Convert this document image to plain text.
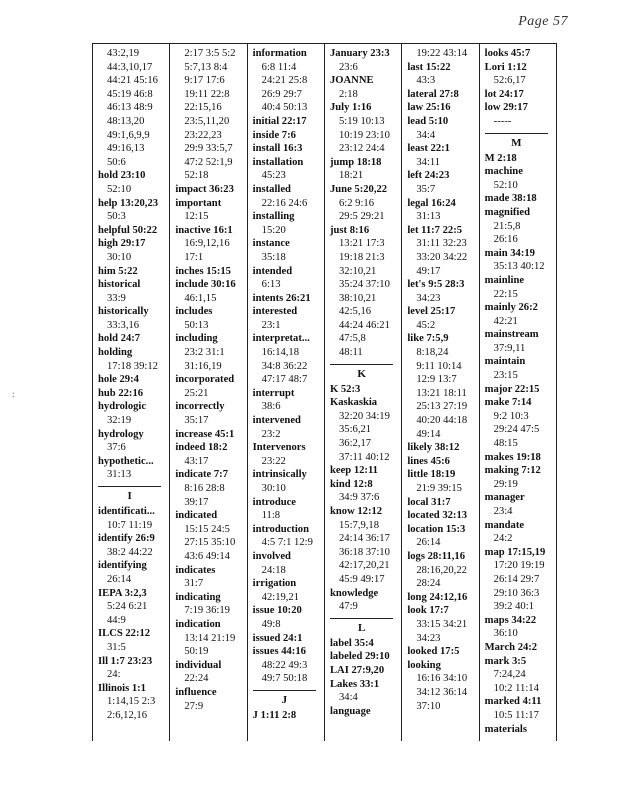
Page 57
:
43:2,19
44:3,10,17
44:21 45:16
45:19 46:8
46:13 48:9
48:13,20
49:1,6,9,9
49:16,13
50:6
hold 23:10
52:10
help 13:20,23
50:3
helpful 50:22
high 29:17
30:10
him 5:22
historical
33:9
historically
33:3,16
hold 24:7
holding
17:18 39:12
hole 29:4
hub 22:16
hydrologic
32:19
hydrology
37:6
hypothetic...
31:13
I
identificati...
10:7 11:19
identify 26:9
38:2 44:22
identifying
26:14
IEPA 3:2,3
5:24 6:21
44:9
ILCS 22:12
31:5
Ill 1:7 23:23
24:
Illinois 1:1
1:14,15 2:3
2:6,12,16
2:17 3:5 5:2
5:7,13 8:4
9:17 17:6
19:11 22:8
22:15,16
23:5,11,20
23:22,23
29:9 33:5,7
47:2 52:1,9
52:18
impact 36:23
important
12:15
inactive 16:1
16:9,12,16
17:1
inches 15:15
include 30:16
46:1,15
includes
50:13
including
23:2 31:1
31:16,19
incorporated
25:21
incorrectly
35:17
increase 45:1
indeed 18:2
43:17
indicate 7:7
8:16 28:8
39:17
indicated
15:15 24:5
27:15 35:10
43:6 49:14
indicates
31:7
indicating
7:19 36:19
indication
13:14 21:19
50:19
individual
22:24
influence
27:9
information
6:8 11:4
24:21 25:8
26:9 29:7
40:4 50:13
initial 22:17
inside 7:6
install 16:3
installation
45:23
installed
22:16 24:6
installing
15:20
instance
35:18
intended
6:13
intents 26:21
interested
23:1
interpretat...
16:14,18
34:8 36:22
47:17 48:7
interrupt
38:6
intervened
23:2
Intervenors
23:22
intrinsically
30:10
introduce
11:8
introduction
4:5 7:1 12:9
involved
24:18
irrigation
42:19,21
issue 10:20
49:8
issued 24:1
issues 44:16
48:22 49:3
49:7 50:18
J
J 1:11 2:8
January 23:3
23:6
JOANNE
2:18
July 1:16
5:19 10:13
10:19 23:10
23:12 24:4
jump 18:18
18:21
June 5:20,22
6:2 9:16
29:5 29:21
just 8:16
13:21 17:3
19:18 21:3
32:10,21
35:24 37:10
38:10,21
42:5,16
44:24 46:21
47:5,8
48:11
K
K 52:3
Kaskaskia
32:20 34:19
35:6,21
36:2,17
37:11 40:12
keep 12:11
kind 12:8
34:9 37:6
know 12:12
15:7,9,18
24:14 36:17
36:18 37:10
42:17,20,21
45:9 49:17
knowledge
47:9
L
label 35:4
labeled 29:10
LAI 27:9,20
Lakes 33:1
34:4
language
19:22 43:14
last 15:22
43:3
lateral 27:8
law 25:16
lead 5:10
34:4
least 22:1
34:11
left 24:23
35:7
legal 16:24
31:13
let 11:7 22:5
31:11 32:23
33:20 34:22
49:17
let's 9:5 28:3
34:23
level 25:17
45:2
like 7:5,9
8:18,24
9:11 10:14
12:9 13:7
13:21 18:11
25:13 27:19
40:20 44:18
49:14
likely 38:12
lines 45:6
little 18:19
21:9 39:15
local 31:7
located 32:13
location 15:3
26:14
logs 28:11,16
28:16,20,22
28:24
long 24:12,16
look 17:7
33:15 34:21
34:23
looked 17:5
looking
16:16 34:10
34:12 36:14
37:10
looks 45:7
Lori 1:12
52:6,17
lot 24:17
low 29:17
-----
M
M 2:18
machine
52:10
made 38:18
magnified
21:5,8
26:16
main 34:19
35:13 40:12
mainline
22:15
mainly 26:2
42:21
mainstream
37:9,11
maintain
23:15
major 22:15
make 7:14
9:2 10:3
29:24 47:5
48:15
makes 19:18
making 7:12
29:19
manager
23:4
mandate
24:2
map 17:15,19
17:20 19:19
26:14 29:7
29:10 36:3
39:2 40:1
maps 34:22
36:10
March 24:2
mark 3:5
7:24,24
10:2 11:14
marked 4:11
10:5 11:17
materials
